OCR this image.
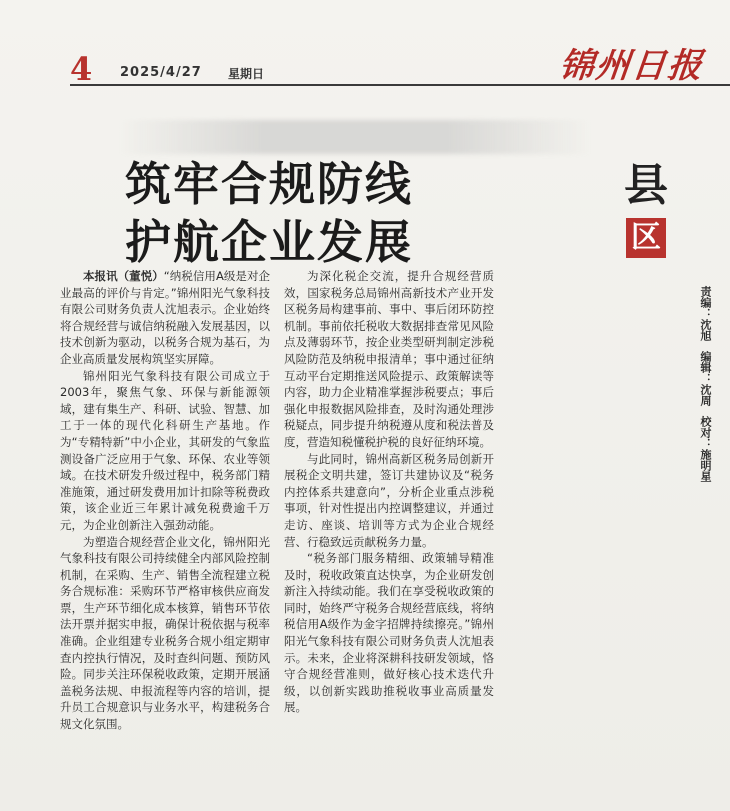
4 2025/4/27 星期日	锦州日报
筑牢合规防线
护航企业发展
县
区
责编：沈旭 编辑：沈周 校对：施明星

本报讯（董悦）“纳税信用A级是对企业最高的评价与肯定。”锦州阳光气象科技有限公司财务负责人沈旭表示。企业始终将合规经营与诚信纳税融入发展基因，以技术创新为驱动，以税务合规为基石，为企业高质量发展构筑坚实屏障。

锦州阳光气象科技有限公司成立于2003年，聚焦气象、环保与新能源领域，建有集生产、科研、试验、智慧、加工于一体的现代化科研生产基地。作为“专精特新”中小企业，其研发的气象监测设备广泛应用于气象、环保、农业等领域。在技术研发升级过程中，税务部门精准施策，通过研发费用加计扣除等税费政策，该企业近三年累计减免税费逾千万元，为企业创新注入强劲动能。

为塑造合规经营企业文化，锦州阳光气象科技有限公司持续健全内部风险控制机制，在采购、生产、销售全流程建立税务合规标准：采购环节严格审核供应商发票，生产环节细化成本核算，销售环节依法开票并据实申报，确保计税依据与税率准确。企业组建专业税务合规小组定期审查内控执行情况，及时查纠问题、预防风险。同步关注环保税收政策，定期开展涵盖税务法规、申报流程等内容的培训，提升员工合规意识与业务水平，构建税务合规文化氛围。

为深化税企交流，提升合规经营质效，国家税务总局锦州高新技术产业开发区税务局构建事前、事中、事后闭环防控机制。事前依托税收大数据排查常见风险点及薄弱环节，按企业类型研判制定涉税风险防范及纳税申报清单；事中通过征纳互动平台定期推送风险提示、政策解读等内容，助力企业精准掌握涉税要点；事后强化申报数据风险排查，及时沟通处理涉税疑点，同步提升纳税遵从度和税法普及度，营造知税懂税护税的良好征纳环境。

与此同时，锦州高新区税务局创新开展税企文明共建，签订共建协议及“税务内控体系共建意向”，分析企业重点涉税事项，针对性提出内控调整建议，并通过走访、座谈、培训等方式为企业合规经营、行稳致远贡献税务力量。

“税务部门服务精细、政策辅导精准及时，税收政策直达快享，为企业研发创新注入持续动能。我们在享受税收政策的同时，始终严守税务合规经营底线，将纳税信用A级作为金字招牌持续擦亮。”锦州阳光气象科技有限公司财务负责人沈旭表示。未来，企业将深耕科技研发领域，恪守合规经营准则，做好核心技术迭代升级，以创新实践助推税收事业高质量发展。
